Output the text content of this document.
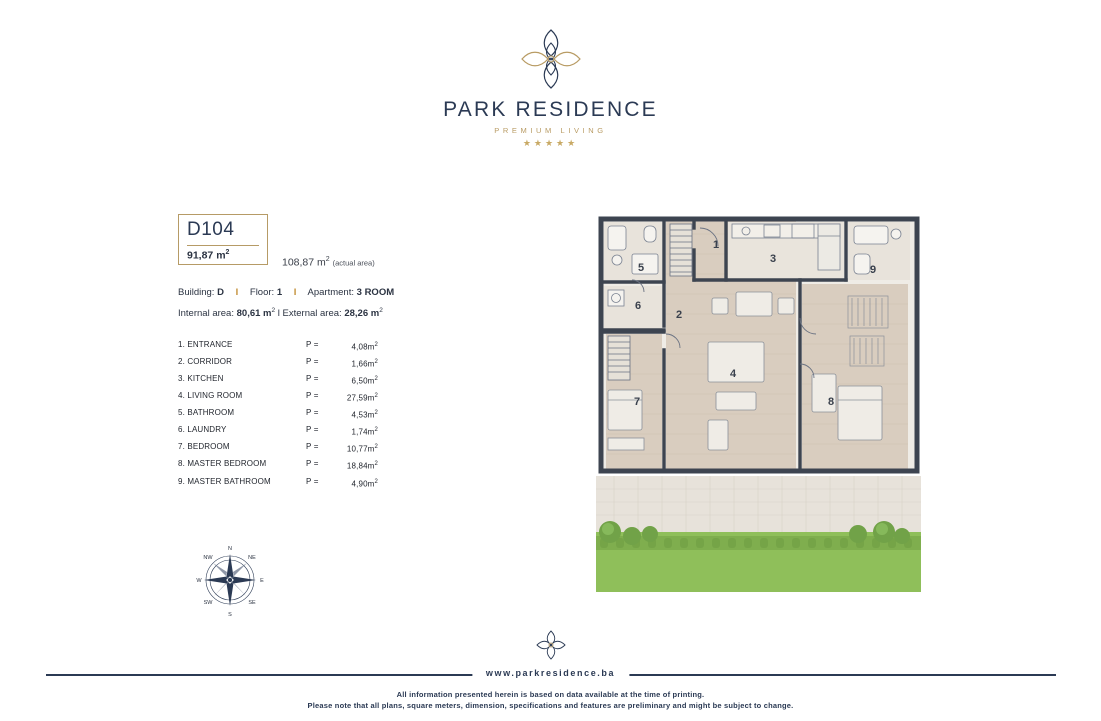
PARK RESIDENCE
PREMIUM LIVING
★★★★★
D104
91,87 $m^2$
108,87 $m^2$ (actual area)
Building: D l Floor: 1 l Apartment: 3 ROOM
Internal area: 80,61 $m^2$ l External area: 28,26 $m^2$
1. ENTRANCE	P =	$4,08m^2$
2. CORRIDOR	P =	$1,66m^2$
3. KITCHEN	P =	$6,50m^2$
4. LIVING ROOM	P =	$27,59m^2$
5. BATHROOM	P =	$4,53m^2$
6. LAUNDRY	P =	$1,74m^2$
7. BEDROOM	P =	$10,77m^2$
8. MASTER BEDROOM	P =	$18,84m^2$
9. MASTER BATHROOM	P =	$4,90m^2$
N
S
W	E
NE
NW
SE
SW
1
2
3
4
5
6
7	8
9
www.parkresidence.ba
All information presented herein is based on data available at the time of printing.
Please note that all plans, square meters, dimension, specifications and features are preliminary and might be subject to change.
